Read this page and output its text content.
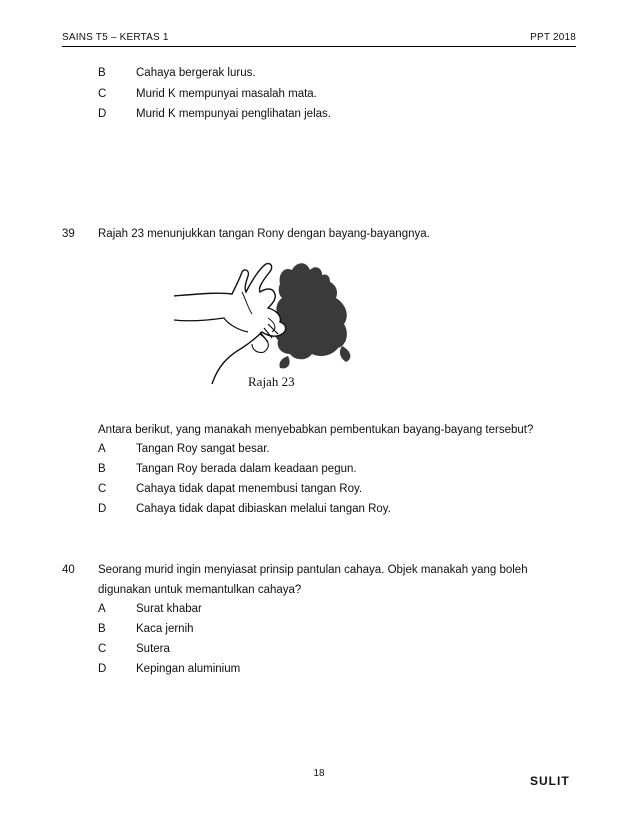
SAINS T5 – KERTAS 1	PPT 2018
B	Cahaya bergerak lurus.
C	Murid K mempunyai masalah mata.
D	Murid K mempunyai penglihatan jelas.
39 Rajah 23 menunjukkan tangan Rony dengan bayang-bayangnya.
Rajah 23
Antara berikut, yang manakah menyebabkan pembentukan bayang-bayang tersebut?
A	Tangan Roy sangat besar.
B	Tangan Roy berada dalam keadaan pegun.
C	Cahaya tidak dapat menembusi tangan Roy.
D	Cahaya tidak dapat dibiaskan melalui tangan Roy.
40 Seorang murid ingin menyiasat prinsip pantulan cahaya. Objek manakah yang boleh
digunakan untuk memantulkan cahaya?
A	Surat khabar
B	Kaca jernih
C	Sutera
D	Kepingan aluminium
18
SULIT
